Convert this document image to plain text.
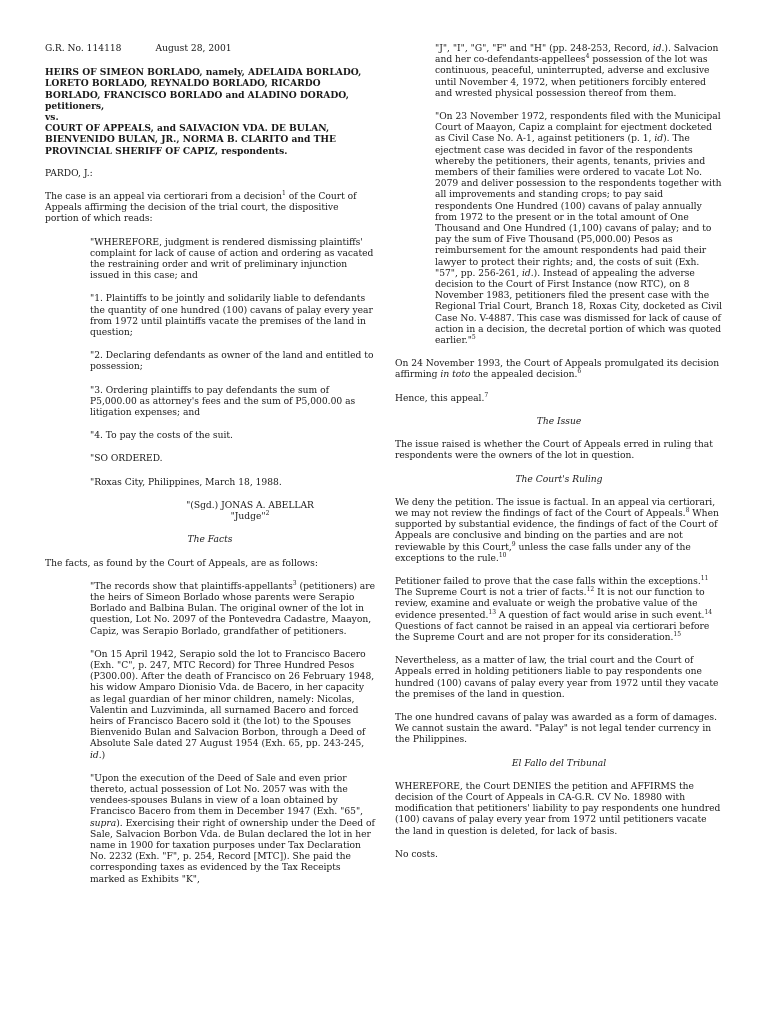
G.R. No. 114118	August 28, 2001

HEIRS OF SIMEON BORLADO, namely, ADELAIDA BORLADO, LORETO BORLADO, REYNALDO BORLADO, RICARDO BORLADO, FRANCISCO BORLADO and ALADINO DORADO, petitioners,

vs.

COURT OF APPEALS, and SALVACION VDA. DE BULAN, BIENVENIDO BULAN, JR., NORMA B. CLARITO and THE PROVINCIAL SHERIFF OF CAPIZ, respondents.

PARDO, J.:

The case is an appeal via certiorari from a decision$^1$ of the Court of Appeals affirming the decision of the trial court, the dispositive portion of which reads:

"WHEREFORE, judgment is rendered dismissing plaintiffs' complaint for lack of cause of action and ordering as vacated the restraining order and writ of preliminary injunction issued in this case; and

"1. Plaintiffs to be jointly and solidarily liable to defendants the quantity of one hundred (100) cavans of palay every year from 1972 until plaintiffs vacate the premises of the land in question;

"2. Declaring defendants as owner of the land and entitled to possession;

"3. Ordering plaintiffs to pay defendants the sum of P5,000.00 as attorney's fees and the sum of P5,000.00 as litigation expenses; and

"4. To pay the costs of the suit.

"SO ORDERED.

"Roxas City, Philippines, March 18, 1988.

"(Sgd.) JONAS A. ABELLAR

"Judge"$^2$

The Facts

The facts, as found by the Court of Appeals, are as follows:

"The records show that plaintiffs-appellants$^3$ (petitioners) are the heirs of Simeon Borlado whose parents were Serapio Borlado and Balbina Bulan. The original owner of the lot in question, Lot No. 2097 of the Pontevedra Cadastre, Maayon, Capiz, was Serapio Borlado, grandfather of petitioners.

"On 15 April 1942, Serapio sold the lot to Francisco Bacero (Exh. "C", p. 247, MTC Record) for Three Hundred Pesos (P300.00). After the death of Francisco on 26 February 1948, his widow Amparo Dionisio Vda. de Bacero, in her capacity as legal guardian of her minor children, namely: Nicolas, Valentin and Luzviminda, all surnamed Bacero and forced heirs of Francisco Bacero sold it (the lot) to the Spouses Bienvenido Bulan and Salvacion Borbon, through a Deed of Absolute Sale dated 27 August 1954 (Exh. 65, pp. 243-245, id.)

"Upon the execution of the Deed of Sale and even prior thereto, actual possession of Lot No. 2057 was with the vendees-spouses Bulans in view of a loan obtained by Francisco Bacero from them in December 1947 (Exh. "65", supra). Exercising their right of ownership under the Deed of Sale, Salvacion Borbon Vda. de Bulan declared the lot in her name in 1900 for taxation purposes under Tax Declaration No. 2232 (Exh. "F", p. 254, Record [MTC]). She paid the corresponding taxes as evidenced by the Tax Receipts marked as Exhibits "K",

"J", "I", "G", "F" and "H" (pp. 248-253, Record, id.). Salvacion and her co-defendants-appellees$^4$ possession of the lot was continuous, peaceful, uninterrupted, adverse and exclusive until November 4, 1972, when petitioners forcibly entered and wrested physical possession thereof from them.

"On 23 November 1972, respondents filed with the Municipal Court of Maayon, Capiz a complaint for ejectment docketed as Civil Case No. A-1, against petitioners (p. 1, id). The ejectment case was decided in favor of the respondents whereby the petitioners, their agents, tenants, privies and members of their families were ordered to vacate Lot No. 2079 and deliver possession to the respondents together with all improvements and standing crops; to pay said respondents One Hundred (100) cavans of palay annually from 1972 to the present or in the total amount of One Thousand and One Hundred (1,100) cavans of palay; and to pay the sum of Five Thousand (P5,000.00) Pesos as reimbursement for the amount respondents had paid their lawyer to protect their rights; and, the costs of suit (Exh. "57", pp. 256-261, id.). Instead of appealing the adverse decision to the Court of First Instance (now RTC), on 8 November 1983, petitioners filed the present case with the Regional Trial Court, Branch 18, Roxas City, docketed as Civil Case No. V-4887. This case was dismissed for lack of cause of action in a decision, the decretal portion of which was quoted earlier."$^5$

On 24 November 1993, the Court of Appeals promulgated its decision affirming in toto the appealed decision.$^6$

Hence, this appeal.$^7$

The Issue

The issue raised is whether the Court of Appeals erred in ruling that respondents were the owners of the lot in question.

The Court's Ruling

We deny the petition. The issue is factual. In an appeal via certiorari, we may not review the findings of fact of the Court of Appeals.$^8$ When supported by substantial evidence, the findings of fact of the Court of Appeals are conclusive and binding on the parties and are not reviewable by this Court,$^9$ unless the case falls under any of the exceptions to the rule.$^{10}$

Petitioner failed to prove that the case falls within the exceptions.$^{11}$ The Supreme Court is not a trier of facts.$^{12}$ It is not our function to review, examine and evaluate or weigh the probative value of the evidence presented.$^{13}$ A question of fact would arise in such event.$^{14}$ Questions of fact cannot be raised in an appeal via certiorari before the Supreme Court and are not proper for its consideration.$^{15}$

Nevertheless, as a matter of law, the trial court and the Court of Appeals erred in holding petitioners liable to pay respondents one hundred (100) cavans of palay every year from 1972 until they vacate the premises of the land in question.

The one hundred cavans of palay was awarded as a form of damages. We cannot sustain the award. "Palay" is not legal tender currency in the Philippines.

El Fallo del Tribunal

WHEREFORE, the Court DENIES the petition and AFFIRMS the decision of the Court of Appeals in CA-G.R. CV No. 18980 with modification that petitioners' liability to pay respondents one hundred (100) cavans of palay every year from 1972 until petitioners vacate the land in question is deleted, for lack of basis.

No costs.
